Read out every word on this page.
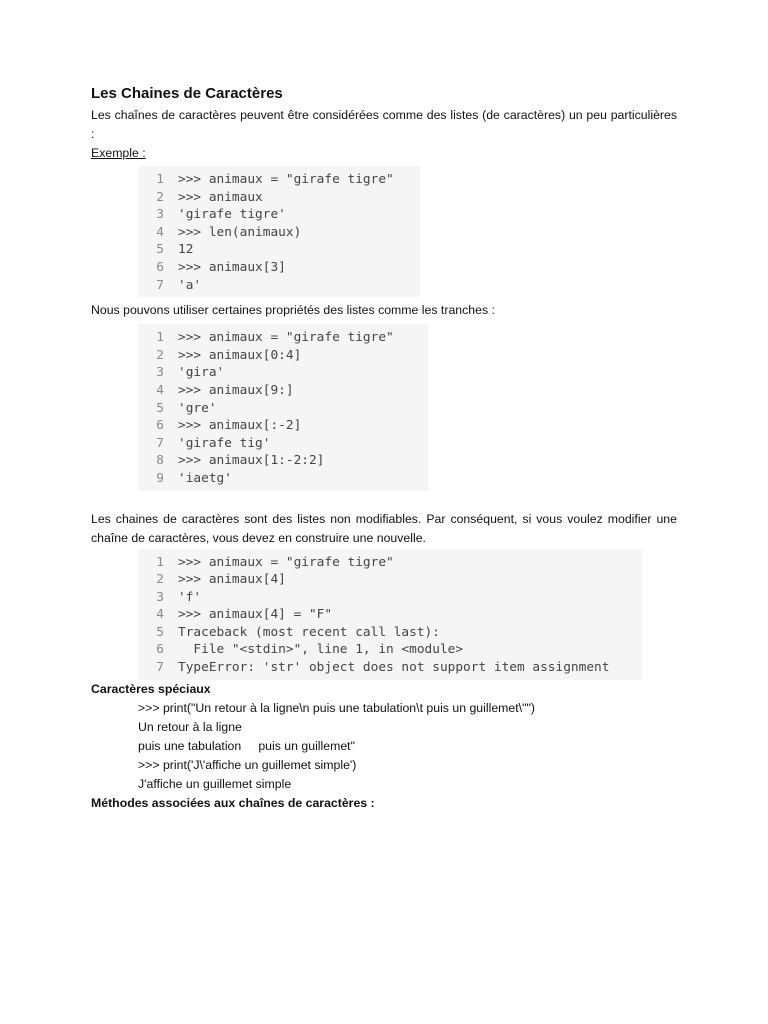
Les Chaines de Caractères

Les chaînes de caractères peuvent être considérées comme des listes (de caractères) un peu particulières :

Exemple :

1 >>> animaux = "girafe tigre"
2 >>> animaux
3 'girafe tigre'
4 >>> len(animaux)
5 12
6 >>> animaux[3]
7 'a'

Nous pouvons utiliser certaines propriétés des listes comme les tranches :

1 >>> animaux = "girafe tigre"
2 >>> animaux[0:4]
3 'gira'
4 >>> animaux[9:]
5 'gre'
6 >>> animaux[:-2]
7 'girafe tig'
8 >>> animaux[1:-2:2]
9 'iaetg'

Les chaines de caractères sont des listes non modifiables. Par conséquent, si vous voulez modifier une chaîne de caractères, vous devez en construire une nouvelle.

1 >>> animaux = "girafe tigre"
2 >>> animaux[4]
3 'f'
4 >>> animaux[4] = "F"
5 Traceback (most recent call last):
6 File "<stdin>", line 1, in <module>
7 TypeError: 'str' object does not support item assignment
Caractères spéciaux
>>> print("Un retour à la ligne\n puis une tabulation\t puis un guillemet\"")
Un retour à la ligne
puis une tabulation     puis un guillemet"
>>> print('J\'affiche un guillemet simple')
J'affiche un guillemet simple
Méthodes associées aux chaînes de caractères :
